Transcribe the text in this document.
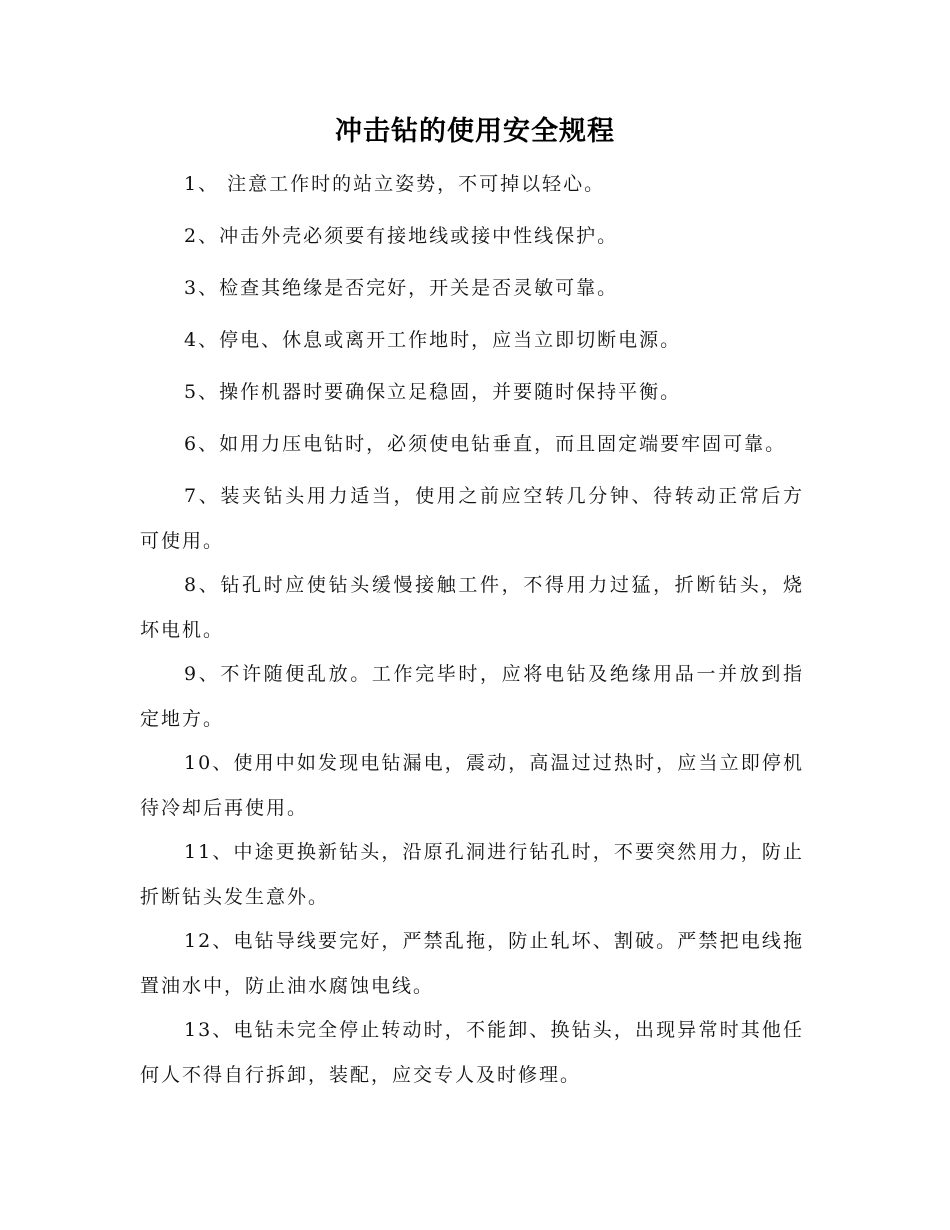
冲击钻的使用安全规程

1、 注意工作时的站立姿势，不可掉以轻心。

2、冲击外壳必须要有接地线或接中性线保护。

3、检查其绝缘是否完好，开关是否灵敏可靠。

4、停电、休息或离开工作地时，应当立即切断电源。

5、操作机器时要确保立足稳固，并要随时保持平衡。

6、如用力压电钻时，必须使电钻垂直，而且固定端要牢固可靠。

7、装夹钻头用力适当，使用之前应空转几分钟、待转动正常后方可使用。

8、钻孔时应使钻头缓慢接触工件，不得用力过猛，折断钻头，烧坏电机。

9、不许随便乱放。工作完毕时，应将电钻及绝缘用品一并放到指定地方。

10、使用中如发现电钻漏电，震动，高温过过热时，应当立即停机待冷却后再使用。

11、中途更换新钻头，沿原孔洞进行钻孔时，不要突然用力，防止折断钻头发生意外。

12、电钻导线要完好，严禁乱拖，防止轧坏、割破。严禁把电线拖置油水中，防止油水腐蚀电线。

13、电钻未完全停止转动时，不能卸、换钻头，出现异常时其他任何人不得自行拆卸，装配，应交专人及时修理。
